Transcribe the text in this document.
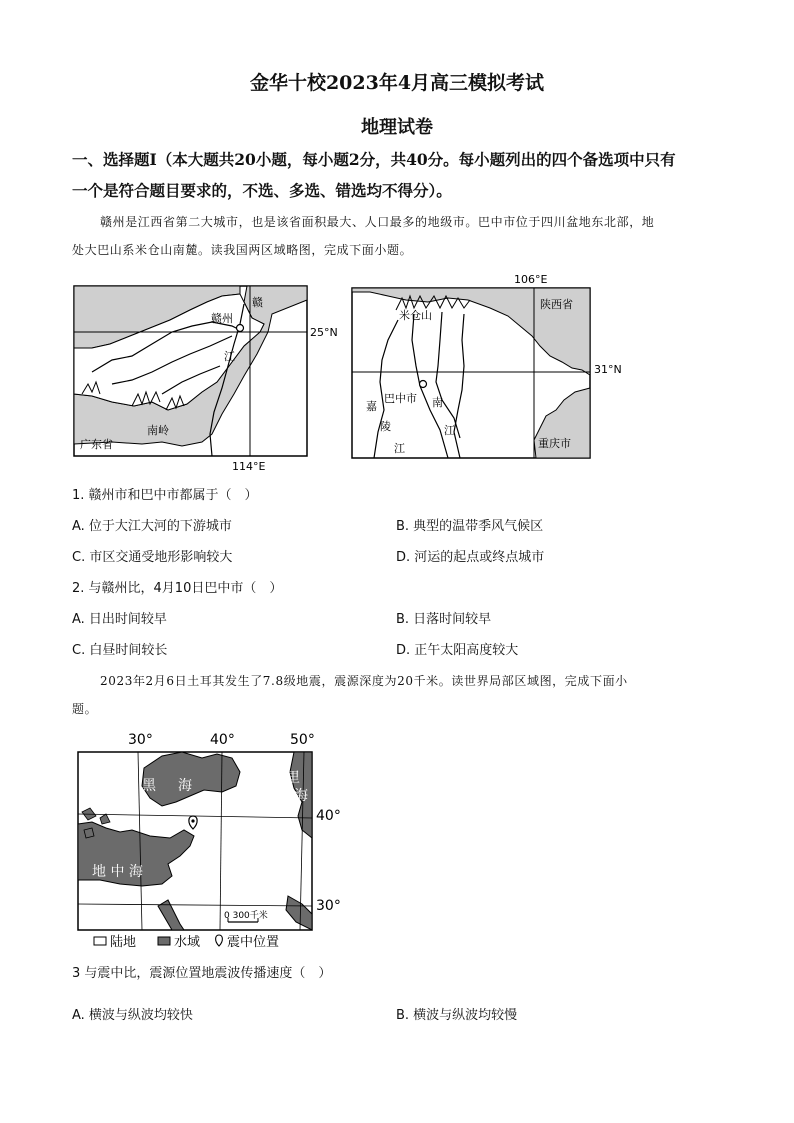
金华十校2023年4月高三模拟考试
地理试卷
一、选择题Ⅰ（本大题共20小题，每小题2分，共40分。每小题列出的四个备选项中只有
一个是符合题目要求的，不选、多选、错选均不得分）。
赣州是江西省第二大城市，也是该省面积最大、人口最多的地级市。巴中市位于四川盆地东北部，地
处大巴山系米仓山南麓。读我国两区域略图，完成下面小题。
赣州
赣
江
南岭
广东省
25°N
114°E
106°E
31°N
米仓山
陕西省
巴中市
嘉
陵
江
南
江
重庆市
1. 赣州市和巴中市都属于（　）
A. 位于大江大河的下游城市	B. 典型的温带季风气候区
C. 市区交通受地形影响较大	D. 河运的起点或终点城市
2. 与赣州比，4月10日巴中市（　）
A. 日出时间较早	B. 日落时间较早
C. 白昼时间较长	D. 正午太阳高度较大
2023年2月6日土耳其发生了7.8级地震，震源深度为20千米。读世界局部区域图，完成下面小
题。
30°	40°	50°
黑 海	里
海
地 中 海
40°
30°
0 300千米
陆地	水域 震中位置
3 与震中比，震源位置地震波传播速度（　）
A. 横波与纵波均较快	B. 横波与纵波均较慢
